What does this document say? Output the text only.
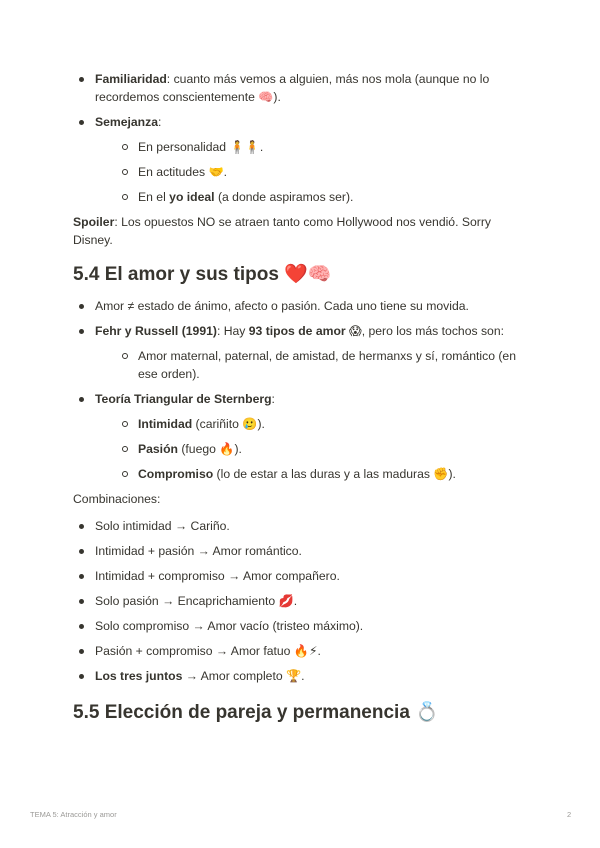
Familiaridad: cuanto más vemos a alguien, más nos mola (aunque no lo recordemos conscientemente 🧠).
Semejanza:
En personalidad 🧍🧍.
En actitudes 🤝.
En el yo ideal (a donde aspiramos ser).

Spoiler: Los opuestos NO se atraen tanto como Hollywood nos vendió. Sorry Disney.

5.4 El amor y sus tipos ❤️🧠
Amor ≠ estado de ánimo, afecto o pasión. Cada uno tiene su movida.
Fehr y Russell (1991): Hay 93 tipos de amor 😱, pero los más tochos son:
Amor maternal, paternal, de amistad, de hermanxs y sí, romántico (en ese orden).
Teoría Triangular de Sternberg:
Intimidad (cariñito 🥲).
Pasión (fuego 🔥).
Compromiso (lo de estar a las duras y a las maduras ✊).

Combinaciones:

Solo intimidad → Cariño.
Intimidad + pasión → Amor romántico.
Intimidad + compromiso → Amor compañero.
Solo pasión → Encaprichamiento 💋.
Solo compromiso → Amor vacío (tristeo máximo).
Pasión + compromiso → Amor fatuo 🔥⚡.
Los tres juntos → Amor completo 🏆.
5.5 Elección de pareja y permanencia 💍
TEMA 5: Atracción y amor	2
